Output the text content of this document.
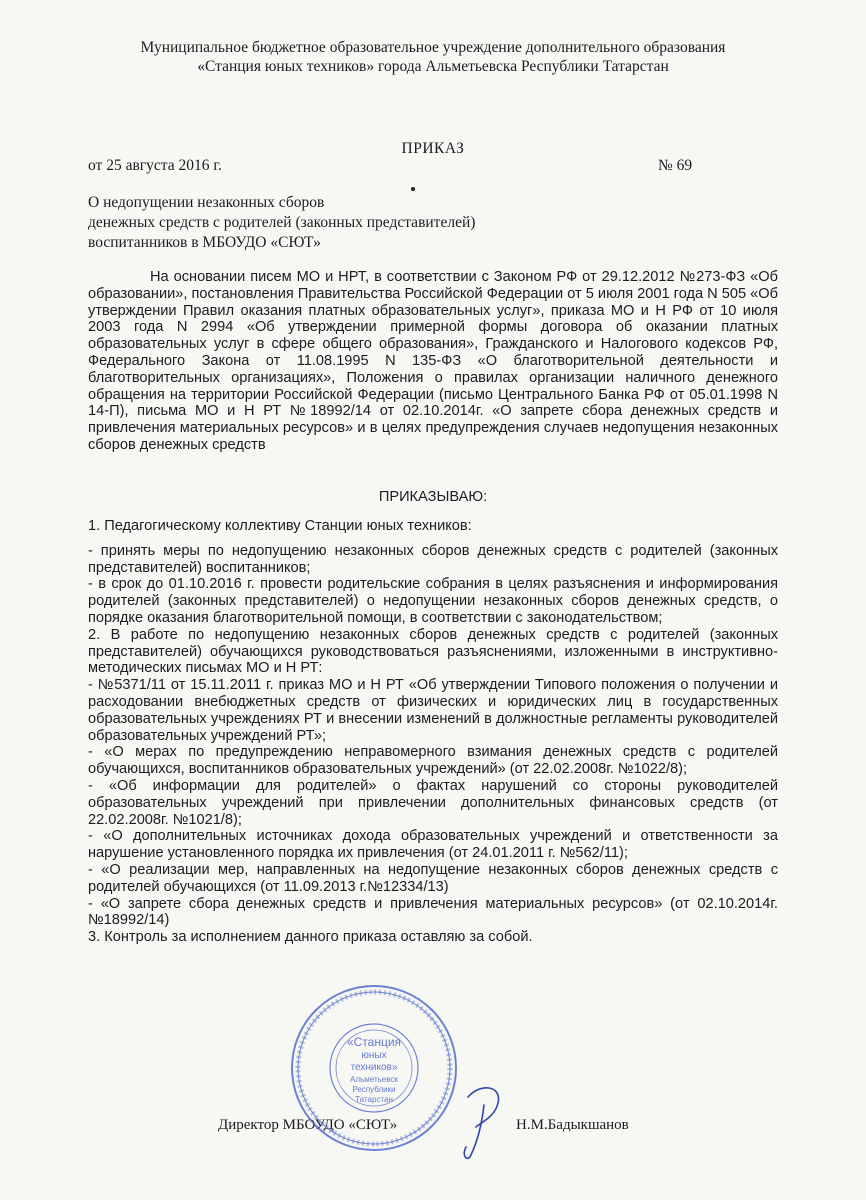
Муниципальное бюджетное образовательное учреждение дополнительного образования
«Станция юных техников» города Альметьевска Республики Татарстан
ПРИКАЗ
от 25 августа 2016 г.	№ 69
О недопущении незаконных сборов
денежных средств с родителей (законных представителей)
воспитанников в МБОУДО «СЮТ»
На основании писем МО и НРТ, в соответствии с Законом РФ от 29.12.2012 №273-ФЗ «Об образовании», постановления Правительства Российской Федерации от 5 июля 2001 года N 505 «Об утверждении Правил оказания платных образовательных услуг», приказа МО и Н РФ от 10 июля 2003 года N 2994 «Об утверждении примерной формы договора об оказании платных образовательных услуг в сфере общего образования», Гражданского и Налогового кодексов РФ, Федерального Закона от 11.08.1995 N 135-ФЗ «О благотворительной деятельности и благотворительных организациях», Положения о правилах организации наличного денежного обращения на территории Российской Федерации (письмо Центрального Банка РФ от 05.01.1998 N 14-П), письма МО и Н РТ №18992/14 от 02.10.2014г. «О запрете сбора денежных средств и привлечения материальных ресурсов» и в целях предупреждения случаев недопущения незаконных сборов денежных средств
ПРИКАЗЫВАЮ:

1. Педагогическому коллективу Станции юных техников:

- принять меры по недопущению незаконных сборов денежных средств с родителей (законных представителей) воспитанников;

- в срок до 01.10.2016 г. провести родительские собрания в целях разъяснения и информирования родителей (законных представителей) о недопущении незаконных сборов денежных средств, о порядке оказания благотворительной помощи, в соответствии с законодательством;

2. В работе по недопущению незаконных сборов денежных средств с родителей (законных представителей) обучающихся руководствоваться разъяснениями, изложенными в инструктивно-методических письмах МО и Н РТ:

- №5371/11 от 15.11.2011 г. приказ МО и Н РТ «Об утверждении Типового положения о получении и расходовании внебюджетных средств от физических и юридических лиц в государственных образовательных учреждениях РТ и внесении изменений в должностные регламенты руководителей образовательных учреждений РТ»;

- «О мерах по предупреждению неправомерного взимания денежных средств с родителей обучающихся, воспитанников образовательных учреждений» (от 22.02.2008г. №1022/8);

- «Об информации для родителей» о фактах нарушений со стороны руководителей образовательных учреждений при привлечении дополнительных финансовых средств (от 22.02.2008г. №1021/8);

- «О дополнительных источниках дохода образовательных учреждений и ответственности за нарушение установленного порядка их привлечения (от 24.01.2011 г. №562/11);

- «О реализации мер, направленных на недопущение незаконных сборов денежных средств с родителей обучающихся (от 11.09.2013 г.№12334/13)

- «О запрете сбора денежных средств и привлечения материальных ресурсов» (от 02.10.2014г. №18992/14)

3. Контроль за исполнением данного приказа оставляю за собой.

Директор МБОУДО «СЮТ»	Н.М.Бадыкшанов
«Станция
юных
техников»
Альметьевск
Республики
Татарстан
